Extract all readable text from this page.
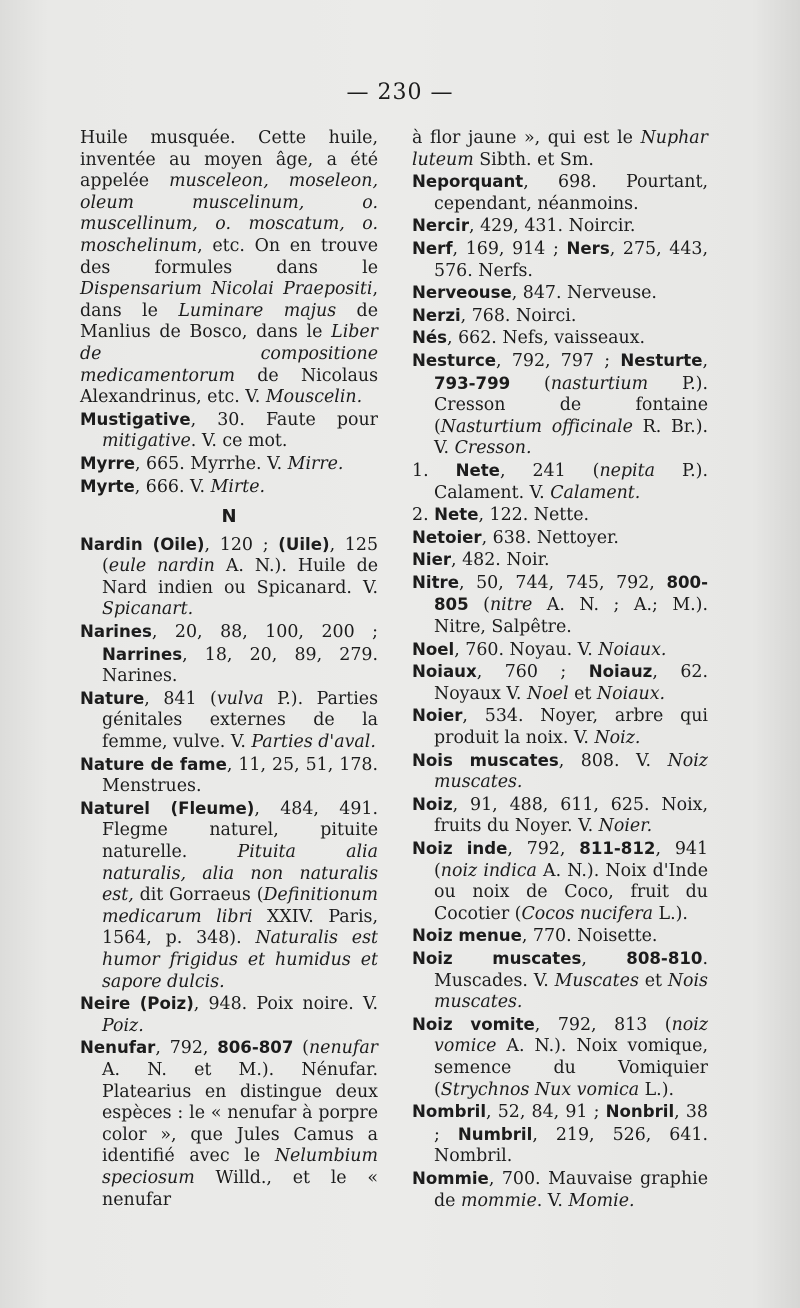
— 230 —

Huile musquée. Cette huile, inventée au moyen âge, a été appelée musceleon, moseleon, oleum muscelinum, o. muscellinum, o. moscatum, o. moschelinum, etc. On en trouve des formules dans le Dispensarium Nicolai Praepositi, dans le Luminare majus de Manlius de Bosco, dans le Liber de compositione medicamentorum de Nicolaus Alexandrinus, etc. V. Mouscelin.

Mustigative, 30. Faute pour mitigative. V. ce mot.

Myrre, 665. Myrrhe. V. Mirre.

Myrte, 666. V. Mirte.

N

Nardin (Oile), 120 ; (Uile), 125 (eule nardin A. N.). Huile de Nard indien ou Spicanard. V. Spicanart.

Narines, 20, 88, 100, 200 ; Narrines, 18, 20, 89, 279. Narines.

Nature, 841 (vulva P.). Parties génitales externes de la femme, vulve. V. Parties d'aval.

Nature de fame, 11, 25, 51, 178. Menstrues.

Naturel (Fleume), 484, 491. Flegme naturel, pituite naturelle. Pituita alia naturalis, alia non naturalis est, dit Gorraeus (Definitionum medicarum libri XXIV. Paris, 1564, p. 348). Naturalis est humor frigidus et humidus et sapore dulcis.

Neire (Poiz), 948. Poix noire. V. Poiz.

Nenufar, 792, 806-807 (nenufar A. N. et M.). Nénufar. Platearius en distingue deux espèces : le « nenufar à porpre color », que Jules Camus a identifié avec le Nelumbium speciosum Willd., et le « nenufar

à flor jaune », qui est le Nuphar luteum Sibth. et Sm.

Neporquant, 698. Pourtant, cependant, néanmoins.

Nercir, 429, 431. Noircir.

Nerf, 169, 914 ; Ners, 275, 443, 576. Nerfs.

Nerveouse, 847. Nerveuse.

Nerzi, 768. Noirci.

Nés, 662. Nefs, vaisseaux.

Nesturce, 792, 797 ; Nesturte, 793-799 (nasturtium P.). Cresson de fontaine (Nasturtium officinale R. Br.). V. Cresson.

1. Nete, 241 (nepita P.). Calament. V. Calament.

2. Nete, 122. Nette.

Netoier, 638. Nettoyer.

Nier, 482. Noir.

Nitre, 50, 744, 745, 792, 800-805 (nitre A. N. ; A.; M.). Nitre, Salpêtre.

Noel, 760. Noyau. V. Noiaux.

Noiaux, 760 ; Noiauz, 62. Noyaux V. Noel et Noiaux.

Noier, 534. Noyer, arbre qui produit la noix. V. Noiz.

Nois muscates, 808. V. Noiz muscates.

Noiz, 91, 488, 611, 625. Noix, fruits du Noyer. V. Noier.

Noiz inde, 792, 811-812, 941 (noiz indica A. N.). Noix d'Inde ou noix de Coco, fruit du Cocotier (Cocos nucifera L.).

Noiz menue, 770. Noisette.

Noiz muscates, 808-810. Muscades. V. Muscates et Nois muscates.

Noiz vomite, 792, 813 (noiz vomice A. N.). Noix vomique, semence du Vomiquier (Strychnos Nux vomica L.).

Nombril, 52, 84, 91 ; Nonbril, 38 ; Numbril, 219, 526, 641. Nombril.

Nommie, 700. Mauvaise graphie de mommie. V. Momie.
